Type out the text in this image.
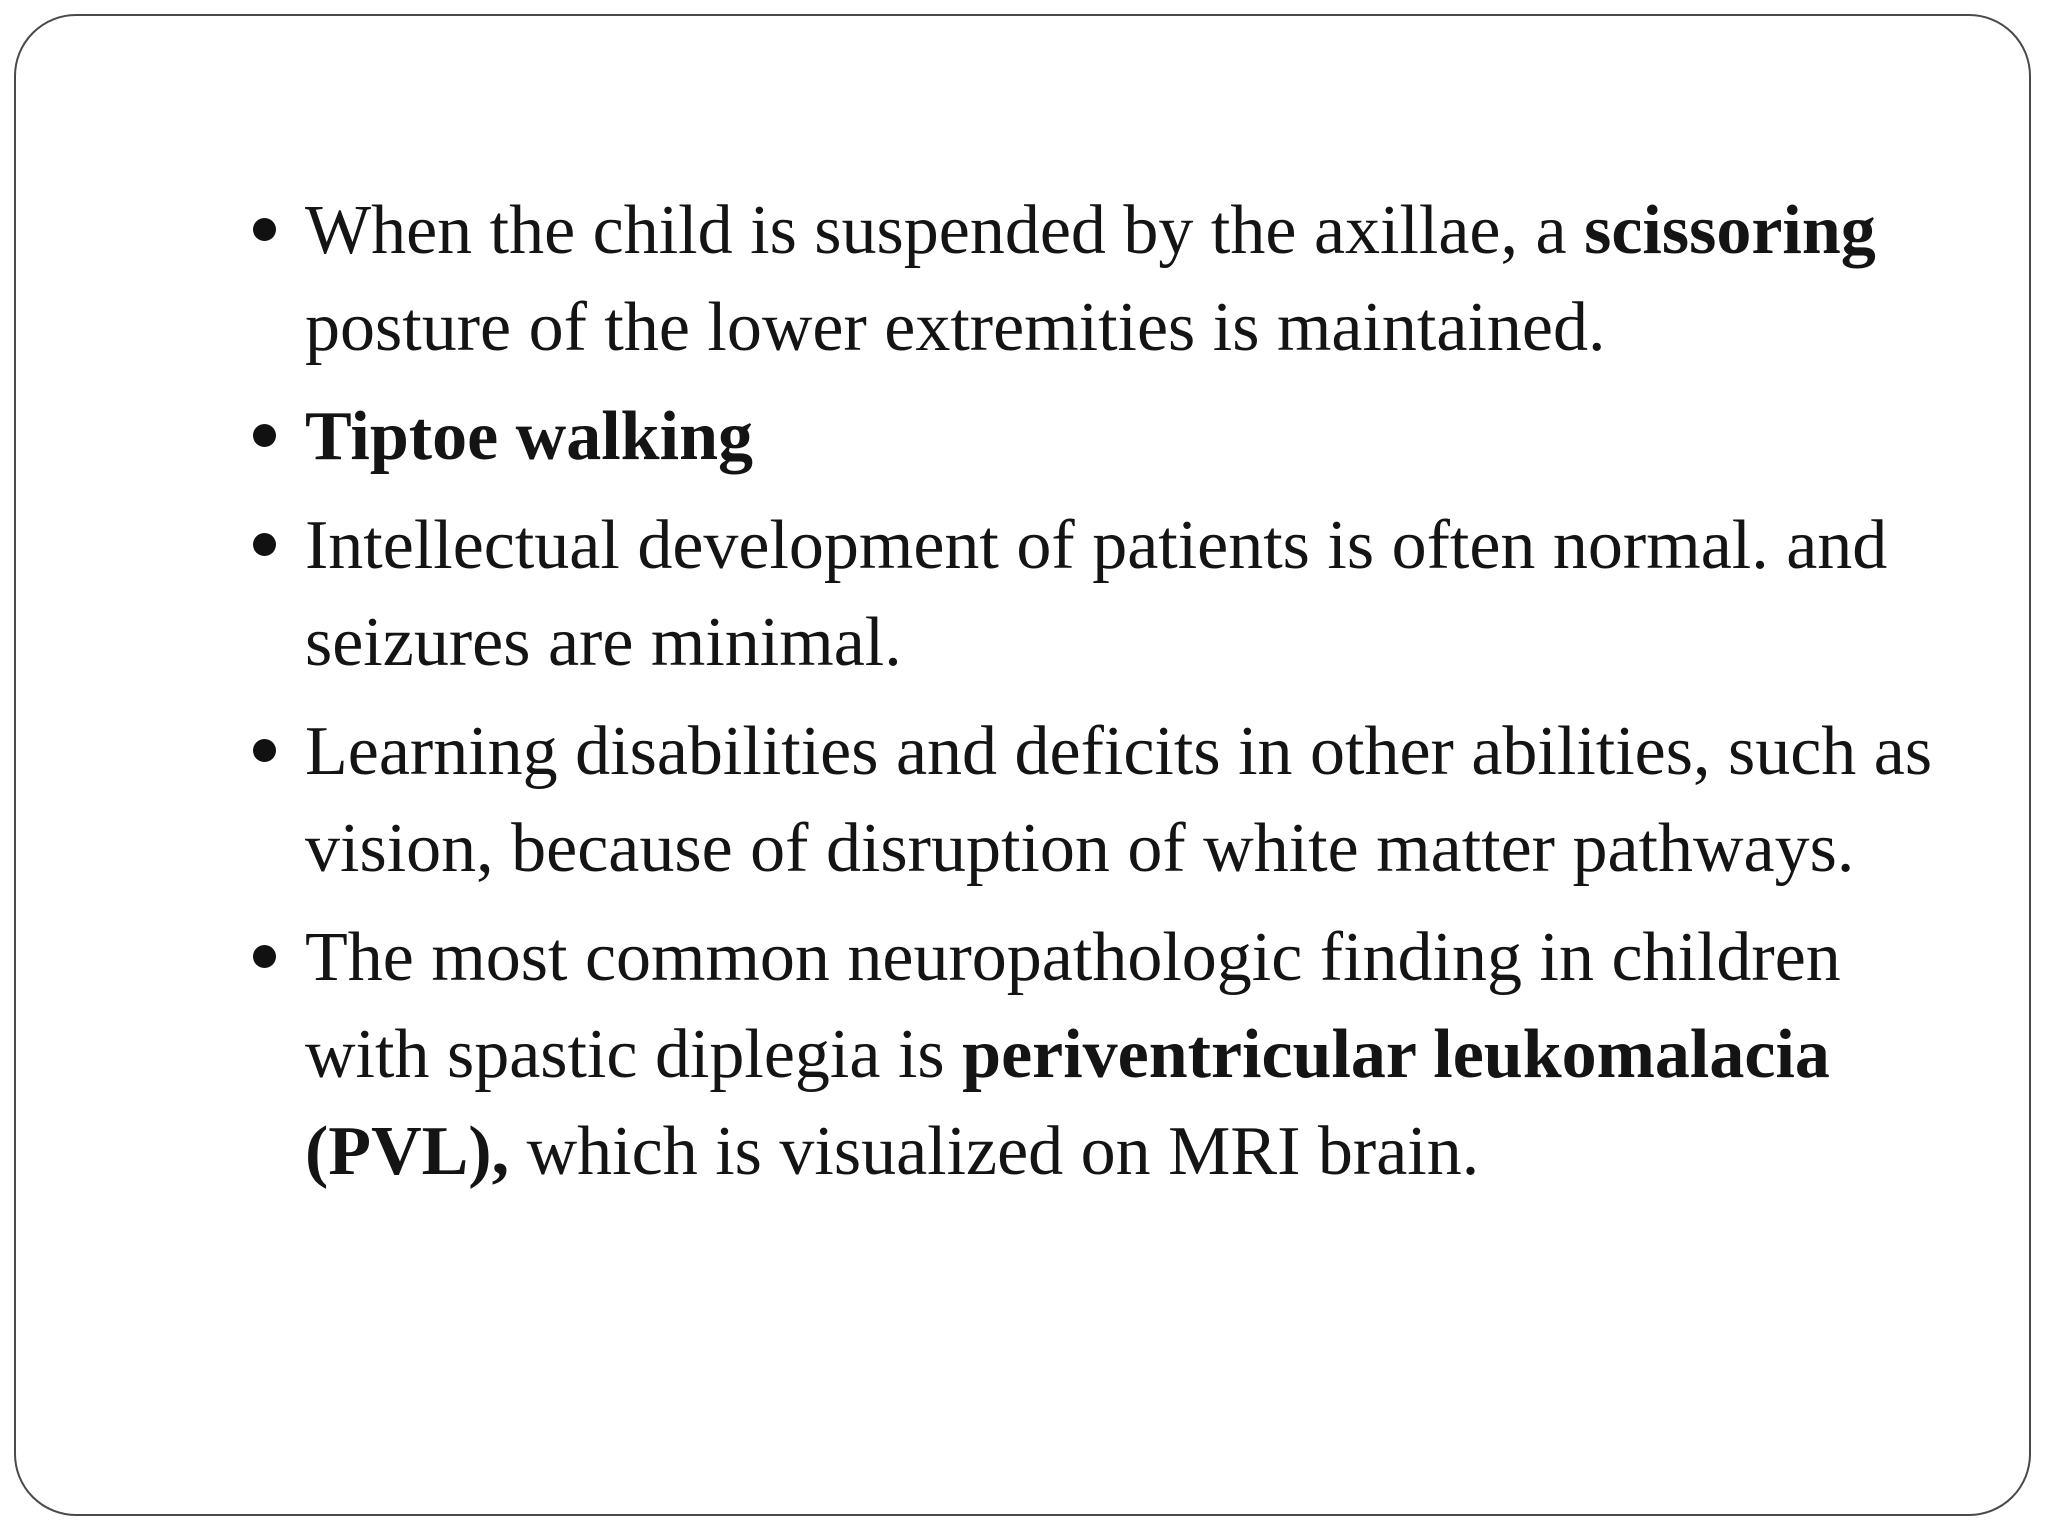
When the child is suspended by the axillae, a scissoring posture of the lower extremities is maintained.
Tiptoe walking
Intellectual development of patients is often normal. and seizures are minimal.
Learning disabilities and deficits in other abilities, such as vision, because of disruption of white matter pathways.
The most common neuropathologic finding in children with spastic diplegia is periventricular leukomalacia (PVL), which is visualized on MRI brain.
